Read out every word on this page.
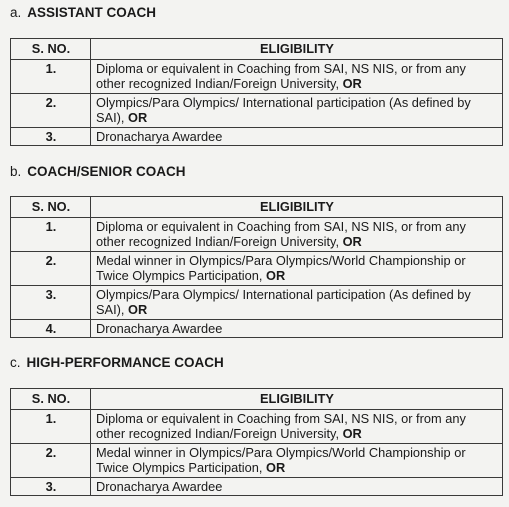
a. ASSISTANT COACH
S. NO.	ELIGIBILITY
1.	Diploma or equivalent in Coaching from SAI, NS NIS, or from any other recognized Indian/Foreign University, OR
2.	Olympics/Para Olympics/ International participation (As defined by SAI), OR
3.	Dronacharya Awardee
b. COACH/SENIOR COACH
S. NO.	ELIGIBILITY
1.	Diploma or equivalent in Coaching from SAI, NS NIS, or from any other recognized Indian/Foreign University, OR
2.	Medal winner in Olympics/Para Olympics/World Championship or Twice Olympics Participation, OR
3.	Olympics/Para Olympics/ International participation (As defined by SAI), OR
4.	Dronacharya Awardee
c. HIGH-PERFORMANCE COACH
S. NO.	ELIGIBILITY
1.	Diploma or equivalent in Coaching from SAI, NS NIS, or from any other recognized Indian/Foreign University, OR
2.	Medal winner in Olympics/Para Olympics/World Championship or Twice Olympics Participation, OR
3.	Dronacharya Awardee
